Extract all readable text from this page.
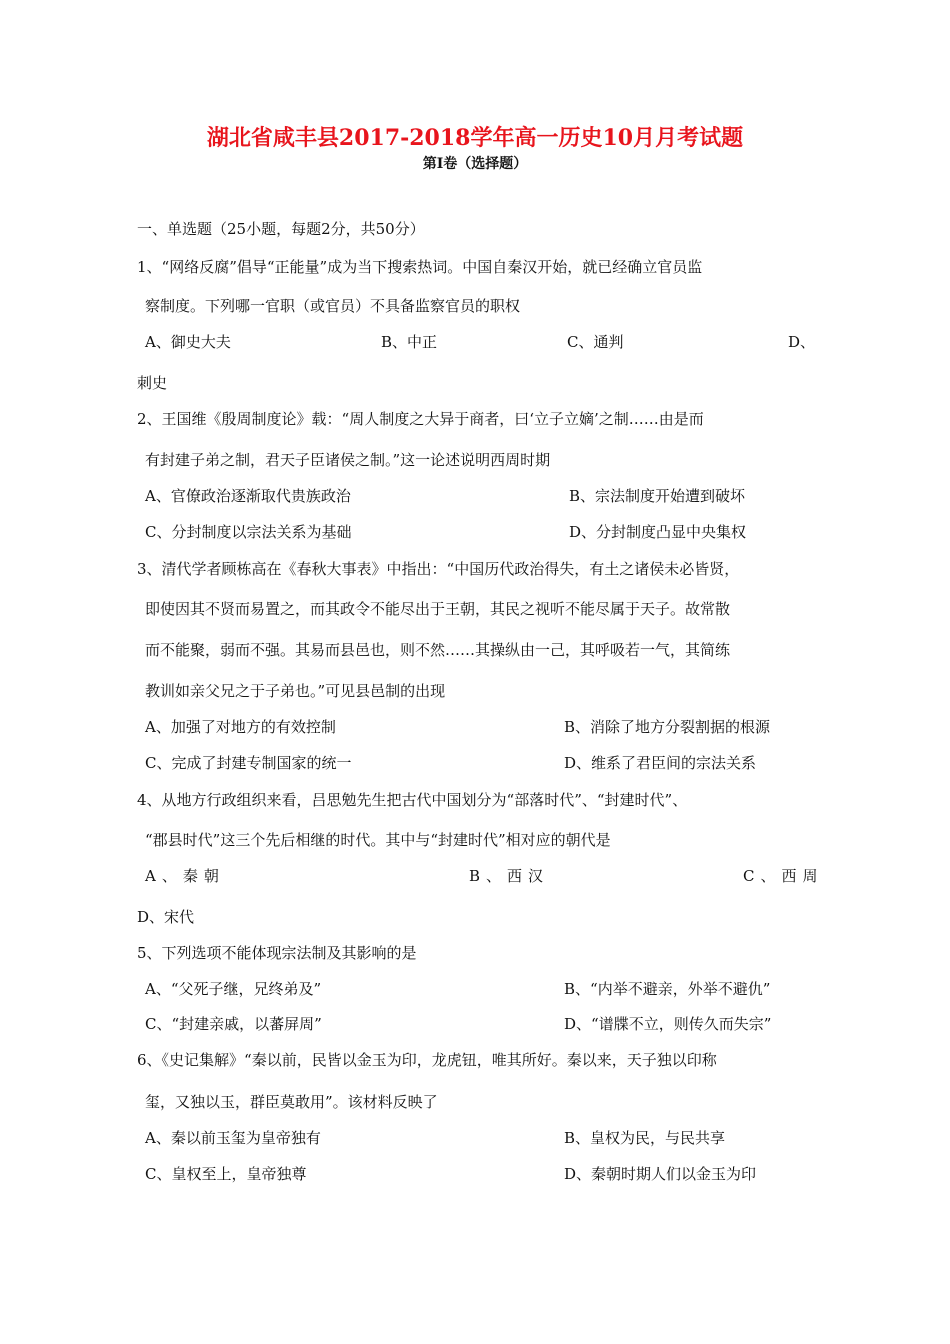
湖北省咸丰县2017-2018学年高一历史10月月考试题
第I卷（选择题）
一、单选题（25小题，每题2分，共50分）
1、“网络反腐”倡导“正能量”成为当下搜索热词。中国自秦汉开始，就已经确立官员监
察制度。下列哪一官职（或官员）不具备监察官员的职权
A、御史大夫	B、中正	C、通判	D、
刺史
2、王国维《殷周制度论》载：“周人制度之大异于商者，曰‘立子立嫡’之制……由是而
有封建子弟之制，君天子臣诸侯之制。”这一论述说明西周时期
A、官僚政治逐渐取代贵族政治	B、宗法制度开始遭到破坏
C、分封制度以宗法关系为基础	D、分封制度凸显中央集权
3、清代学者顾栋高在《春秋大事表》中指出：“中国历代政治得失，有土之诸侯未必皆贤，
即使因其不贤而易置之，而其政令不能尽出于王朝，其民之视听不能尽属于天子。故常散
而不能聚，弱而不强。其易而县邑也，则不然……其操纵由一己，其呼吸若一气，其简练
教训如亲父兄之于子弟也。”可见县邑制的出现
A、加强了对地方的有效控制	B、消除了地方分裂割据的根源
C、完成了封建专制国家的统一	D、维系了君臣间的宗法关系
4、从地方行政组织来看，吕思勉先生把古代中国划分为“部落时代”、“封建时代”、
“郡县时代”这三个先后相继的时代。其中与“封建时代”相对应的朝代是
A、秦朝	B、西汉	C、西周
D、宋代
5、下列选项不能体现宗法制及其影响的是
A、“父死子继，兄终弟及”	B、“内举不避亲，外举不避仇”
C、“封建亲戚，以蕃屏周”	D、“谱牒不立，则传久而失宗”
6、《史记集解》“秦以前，民皆以金玉为印，龙虎钮，唯其所好。秦以来，天子独以印称
玺，又独以玉，群臣莫敢用”。该材料反映了
A、秦以前玉玺为皇帝独有	B、皇权为民，与民共享
C、皇权至上，皇帝独尊	D、秦朝时期人们以金玉为印
